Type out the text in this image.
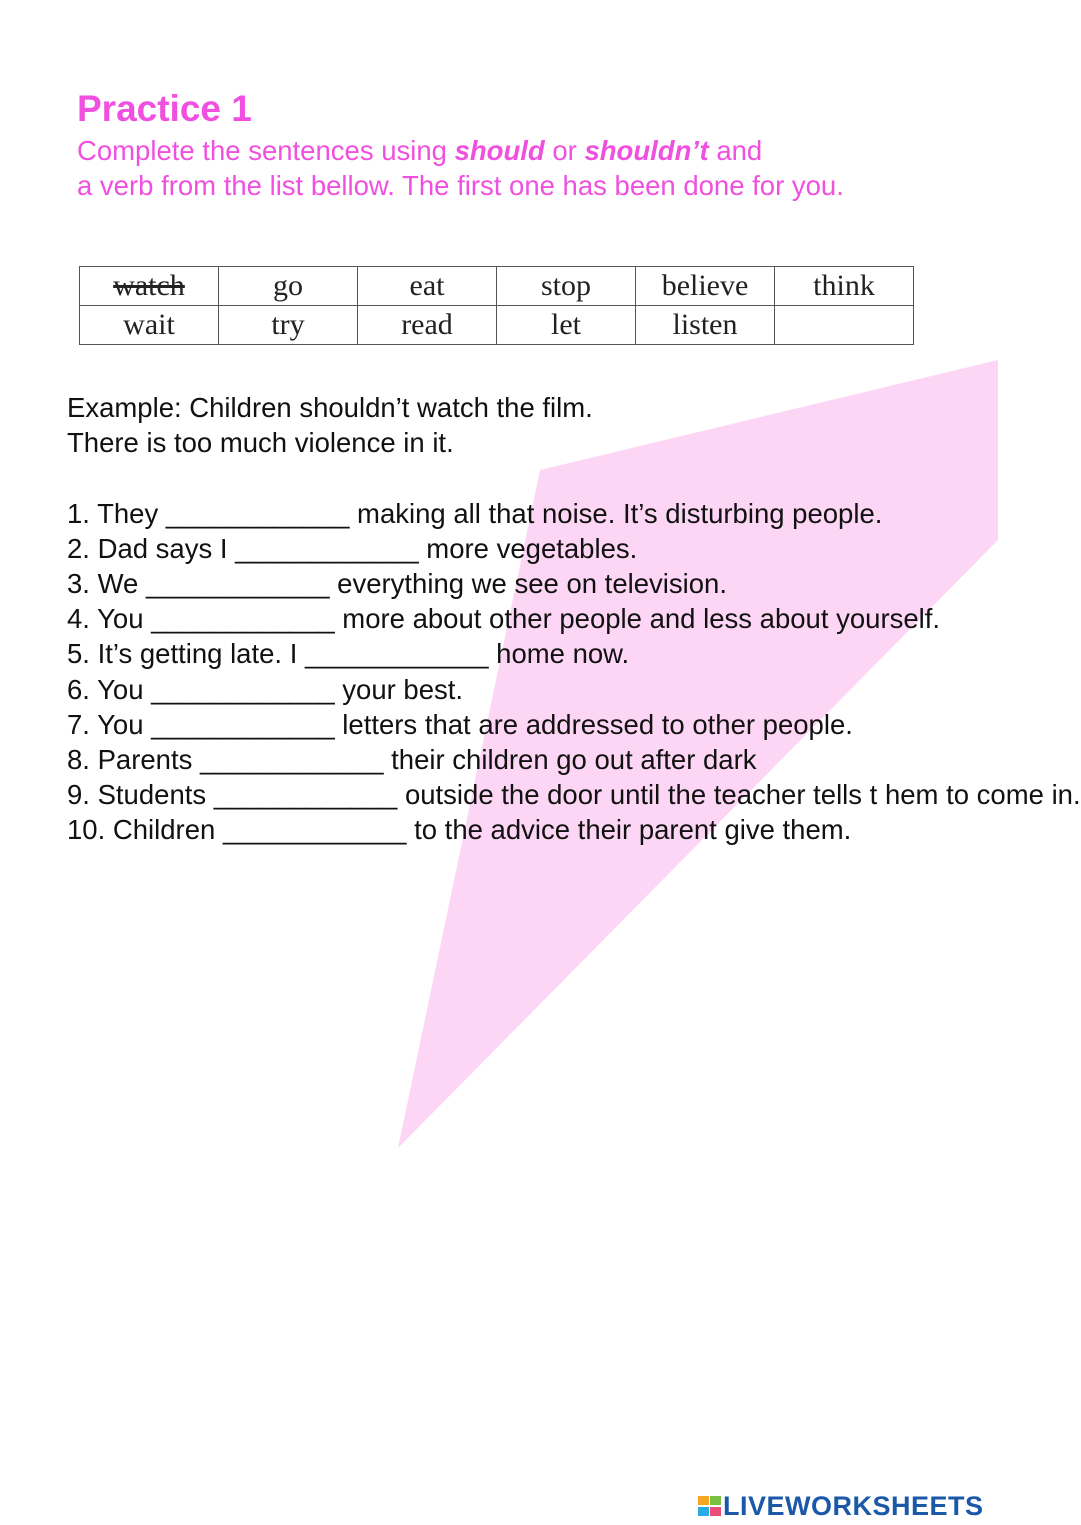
Practice 1
Complete the sentences using should or shouldn’t and
a verb from the list bellow. The first one has been done for you.
watch	go	eat	stop	believe	think
wait	try	read	let	listen	

Example: Children shouldn’t watch the film.

There is too much violence in it.

1. They ____________ making all that noise. It’s disturbing people.

2. Dad says I ____________ more vegetables.

3. We ____________ everything we see on television.

4. You ____________ more about other people and less about yourself.

5. It’s getting late. I ____________ home now.

6. You ____________ your best.

7. You ____________ letters that are addressed to other people.

8. Parents ____________ their children go out after dark

9. Students ____________ outside the door until the teacher tells t hem to come in.

10. Children ____________ to the advice their parent give them.

LIVEWORKSHEETS
